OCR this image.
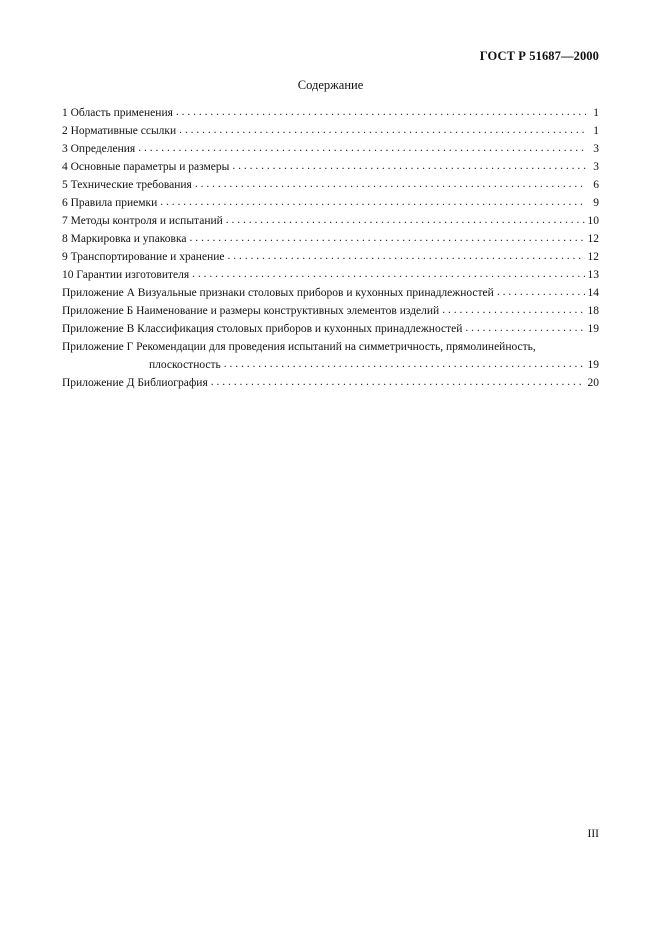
ГОСТ Р 51687—2000
Содержание
1 Область применения . . .	1
2 Нормативные ссылки . . .	1
3 Определения . . .	3
4 Основные параметры и размеры . . .	3
5 Технические требования . . .	6
6 Правила приемки . . .	9
7 Методы контроля и испытаний . . .	10
8 Маркировка и упаковка . . .	12
9 Транспортирование и хранение . . .	12
10 Гарантии изготовителя . . .	13
Приложение А Визуальные признаки столовых приборов и кухонных принадлежностей . . .	14
Приложение Б Наименование и размеры конструктивных элементов изделий . . .	18
Приложение В Классификация столовых приборов и кухонных принадлежностей . . .	19
Приложение Г Рекомендации для проведения испытаний на симметричность, прямолинейность,
плоскостность . . .	19
Приложение Д Библиография . . .	20
III
